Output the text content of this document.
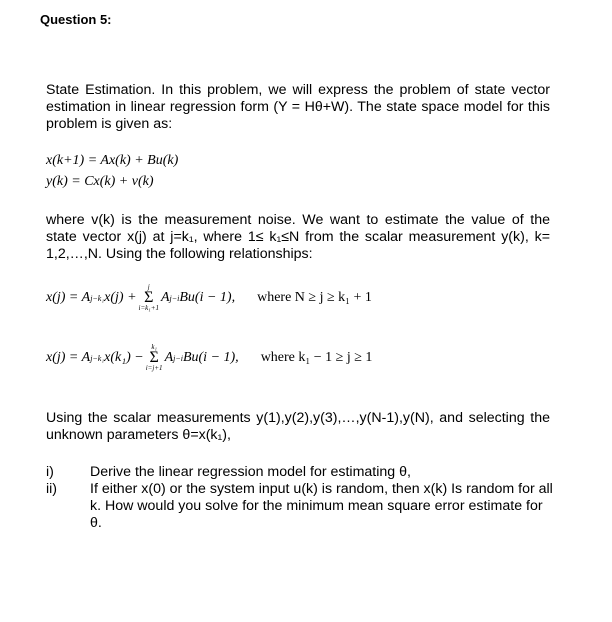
Question 5:
State Estimation. In this problem, we will express the problem of state vector estimation in linear regression form (Y = Hθ+W). The state space model for this problem is given as:
x(k+1) = Ax(k) + Bu(k)
y(k) = Cx(k) + v(k)
where v(k) is the measurement noise. We want to estimate the value of the state vector x(j) at j=k₁, where 1≤ k₁≤N from the scalar measurement y(k), k= 1,2,…,N. Using the following relationships:
x(j) = A j−k₁ x(j) +
j
Σ
i=k₁+1
A j−i Bu(i − 1), where N ≥ j ≥ k₁ + 1
x(j) = A j−k₁ x(k₁) −
k₁
Σ
i=j+1
A j−i Bu(i − 1), where k₁ − 1 ≥ j ≥ 1
Using the scalar measurements y(1),y(2),y(3),…,y(N-1),y(N), and selecting the unknown parameters θ=x(k₁),
i)	Derive the linear regression model for estimating θ,
ii)	If either x(0) or the system input u(k) is random, then x(k) Is random for all k. How would you solve for the minimum mean square error estimate for θ.
